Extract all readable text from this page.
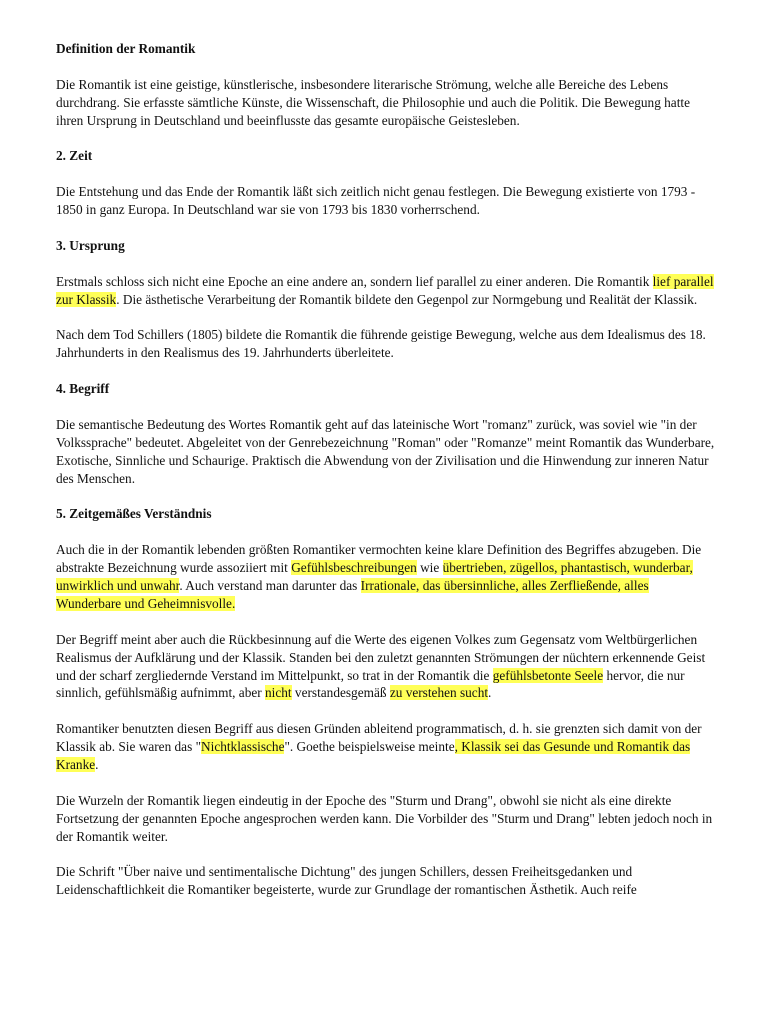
Definition der Romantik

Die Romantik ist eine geistige, künstlerische, insbesondere literarische Strömung, welche alle Bereiche des Lebens durchdrang. Sie erfasste sämtliche Künste, die Wissenschaft, die Philosophie und auch die Politik. Die Bewegung hatte ihren Ursprung in Deutschland und beeinflusste das gesamte europäische Geistesleben.

2. Zeit

Die Entstehung und das Ende der Romantik läßt sich zeitlich nicht genau festlegen. Die Bewegung existierte von 1793 - 1850 in ganz Europa. In Deutschland war sie von 1793 bis 1830 vorherrschend.

3. Ursprung

Erstmals schloss sich nicht eine Epoche an eine andere an, sondern lief parallel zu einer anderen. Die Romantik lief parallel zur Klassik. Die ästhetische Verarbeitung der Romantik bildete den Gegenpol zur Normgebung und Realität der Klassik.

Nach dem Tod Schillers (1805) bildete die Romantik die führende geistige Bewegung, welche aus dem Idealismus des 18. Jahrhunderts in den Realismus des 19. Jahrhunderts überleitete.

4. Begriff

Die semantische Bedeutung des Wortes Romantik geht auf das lateinische Wort "romanz" zurück, was soviel wie "in der Volkssprache" bedeutet. Abgeleitet von der Genrebezeichnung "Roman" oder "Romanze" meint Romantik das Wunderbare, Exotische, Sinnliche und Schaurige. Praktisch die Abwendung von der Zivilisation und die Hinwendung zur inneren Natur des Menschen.

5. Zeitgemäßes Verständnis

Auch die in der Romantik lebenden größten Romantiker vermochten keine klare Definition des Begriffes abzugeben. Die abstrakte Bezeichnung wurde assoziiert mit Gefühlsbeschreibungen wie übertrieben, zügellos, phantastisch, wunderbar, unwirklich und unwahr. Auch verstand man darunter das Irrationale, das übersinnliche, alles Zerfließende, alles Wunderbare und Geheimnisvolle.

Der Begriff meint aber auch die Rückbesinnung auf die Werte des eigenen Volkes zum Gegensatz vom Weltbürgerlichen Realismus der Aufklärung und der Klassik. Standen bei den zuletzt genannten Strömungen der nüchtern erkennende Geist und der scharf zergliedernde Verstand im Mittelpunkt, so trat in der Romantik die gefühlsbetonte Seele hervor, die nur sinnlich, gefühlsmäßig aufnimmt, aber nicht verstandesgemäß zu verstehen sucht.

Romantiker benutzten diesen Begriff aus diesen Gründen ableitend programmatisch, d. h. sie grenzten sich damit von der Klassik ab. Sie waren das "Nichtklassische". Goethe beispielsweise meinte, Klassik sei das Gesunde und Romantik das Kranke.

Die Wurzeln der Romantik liegen eindeutig in der Epoche des "Sturm und Drang", obwohl sie nicht als eine direkte Fortsetzung der genannten Epoche angesprochen werden kann. Die Vorbilder des "Sturm und Drang" lebten jedoch noch in der Romantik weiter.

Die Schrift "Über naive und sentimentalische Dichtung" des jungen Schillers, dessen Freiheitsgedanken und Leidenschaftlichkeit die Romantiker begeisterte, wurde zur Grundlage der romantischen Ästhetik. Auch reife
